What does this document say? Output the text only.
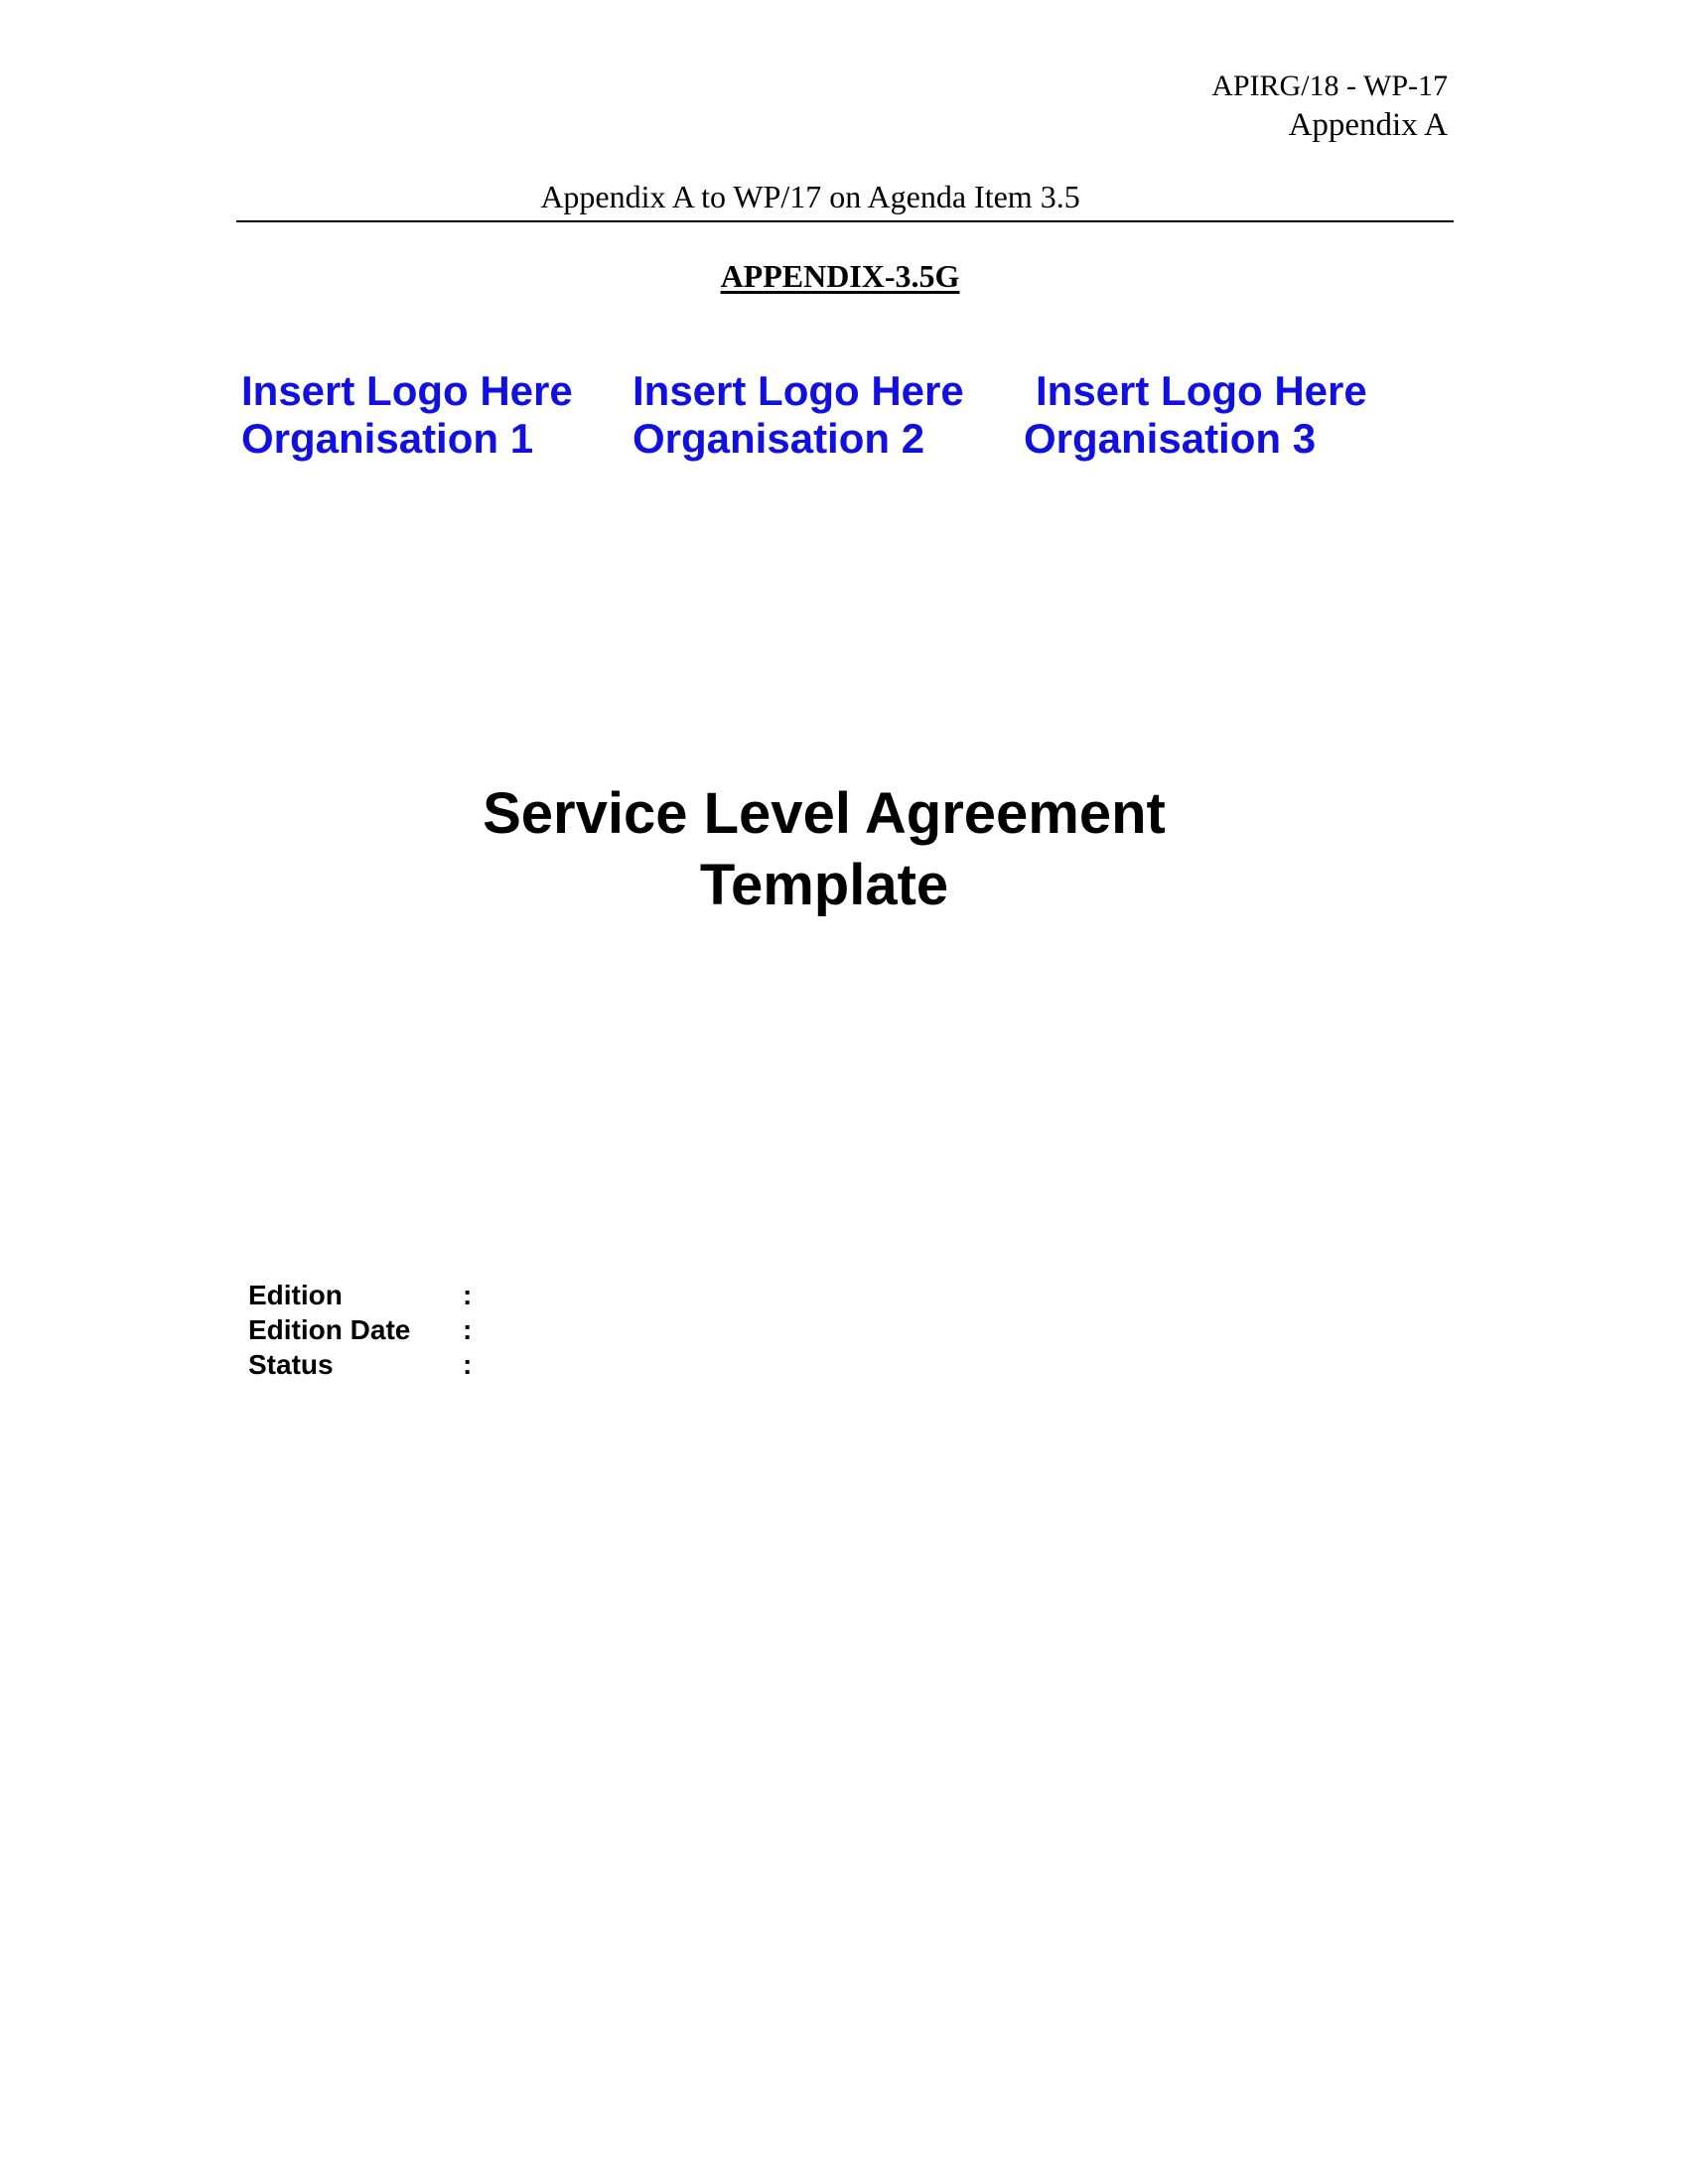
APIRG/18 - WP-17
Appendix A
Appendix A to WP/17 on Agenda Item 3.5
APPENDIX-3.5G
Insert Logo Here
Organisation 1
Insert Logo Here
Organisation 2
Insert Logo Here
Organisation 3
Service Level Agreement
Template
Edition	:
Edition Date	:
Status	:
